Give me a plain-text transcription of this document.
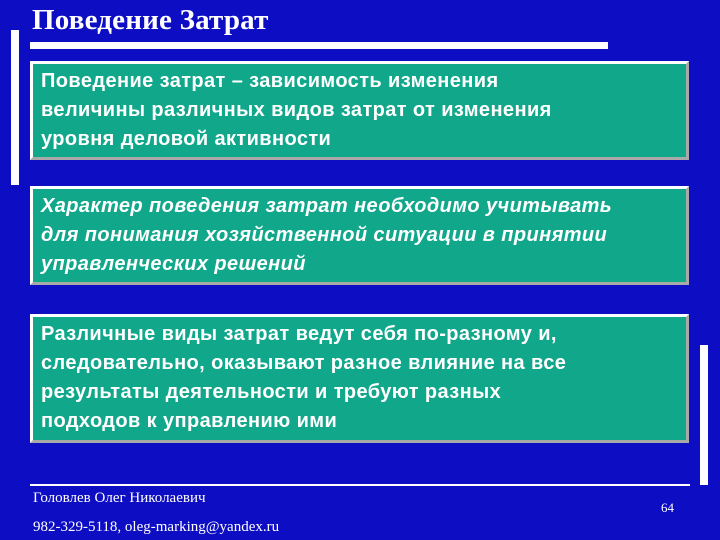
Поведение Затрат

Поведение затрат – зависимость изменения
величины различных видов затрат от изменения
уровня деловой активности

Характер поведения затрат необходимо учитывать
для понимания хозяйственной ситуации в принятии
управленческих решений

Различные виды затрат ведут себя по-разному и,
следовательно, оказывают разное влияние на все
результаты деятельности и требуют разных
подходов к управлению ими

Головлев Олег Николаевич
982-329-5118, oleg-marking@yandex.ru
64
